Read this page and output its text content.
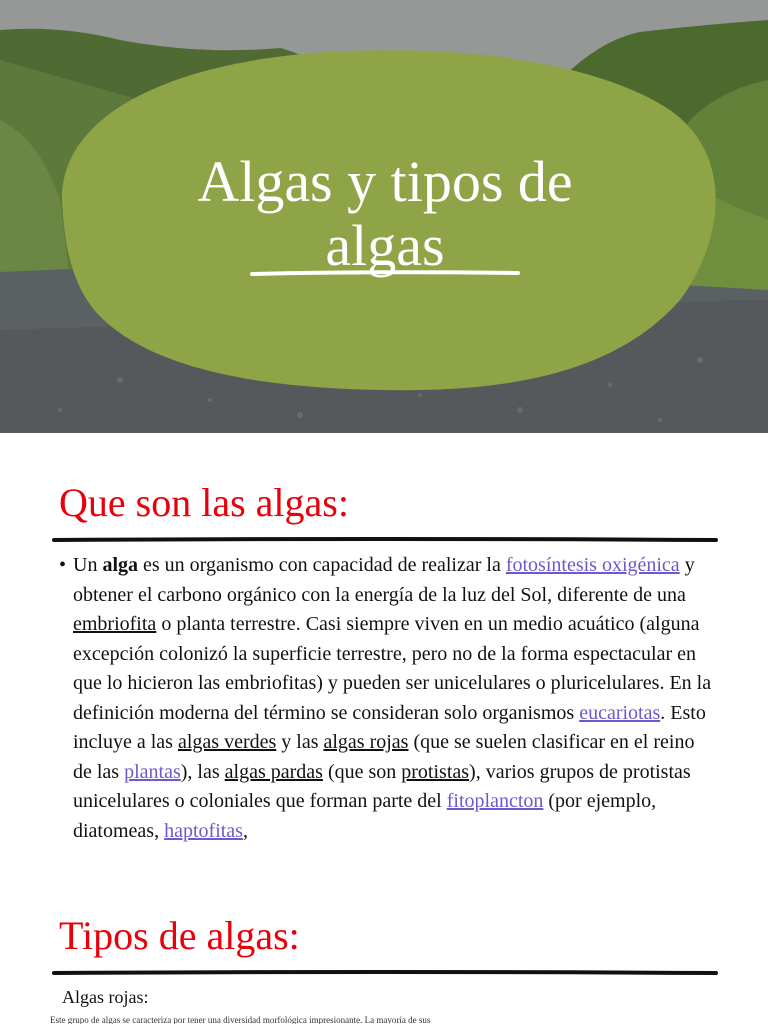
Algas y tipos de
algas
Que son las algas:
• Un alga es un organismo con capacidad de realizar la fotosíntesis oxigénica y obtener el carbono orgánico con la energía de la luz del Sol, diferente de una embriofita o planta terrestre. Casi siempre viven en un medio acuático (alguna excepción colonizó la superficie terrestre, pero no de la forma espectacular en que lo hicieron las embriofitas) y pueden ser unicelulares o pluricelulares. En la definición moderna del término se consideran solo organismos eucariotas. Esto incluye a las algas verdes y las algas rojas (que se suelen clasificar en el reino de las plantas), las algas pardas (que son protistas), varios grupos de protistas unicelulares o coloniales que forman parte del fitoplancton (por ejemplo, diatomeas, haptofitas,
Tipos de algas:
Algas rojas:
Este grupo de algas se caracteriza por tener una diversidad morfológica impresionante. La mayoría de sus
